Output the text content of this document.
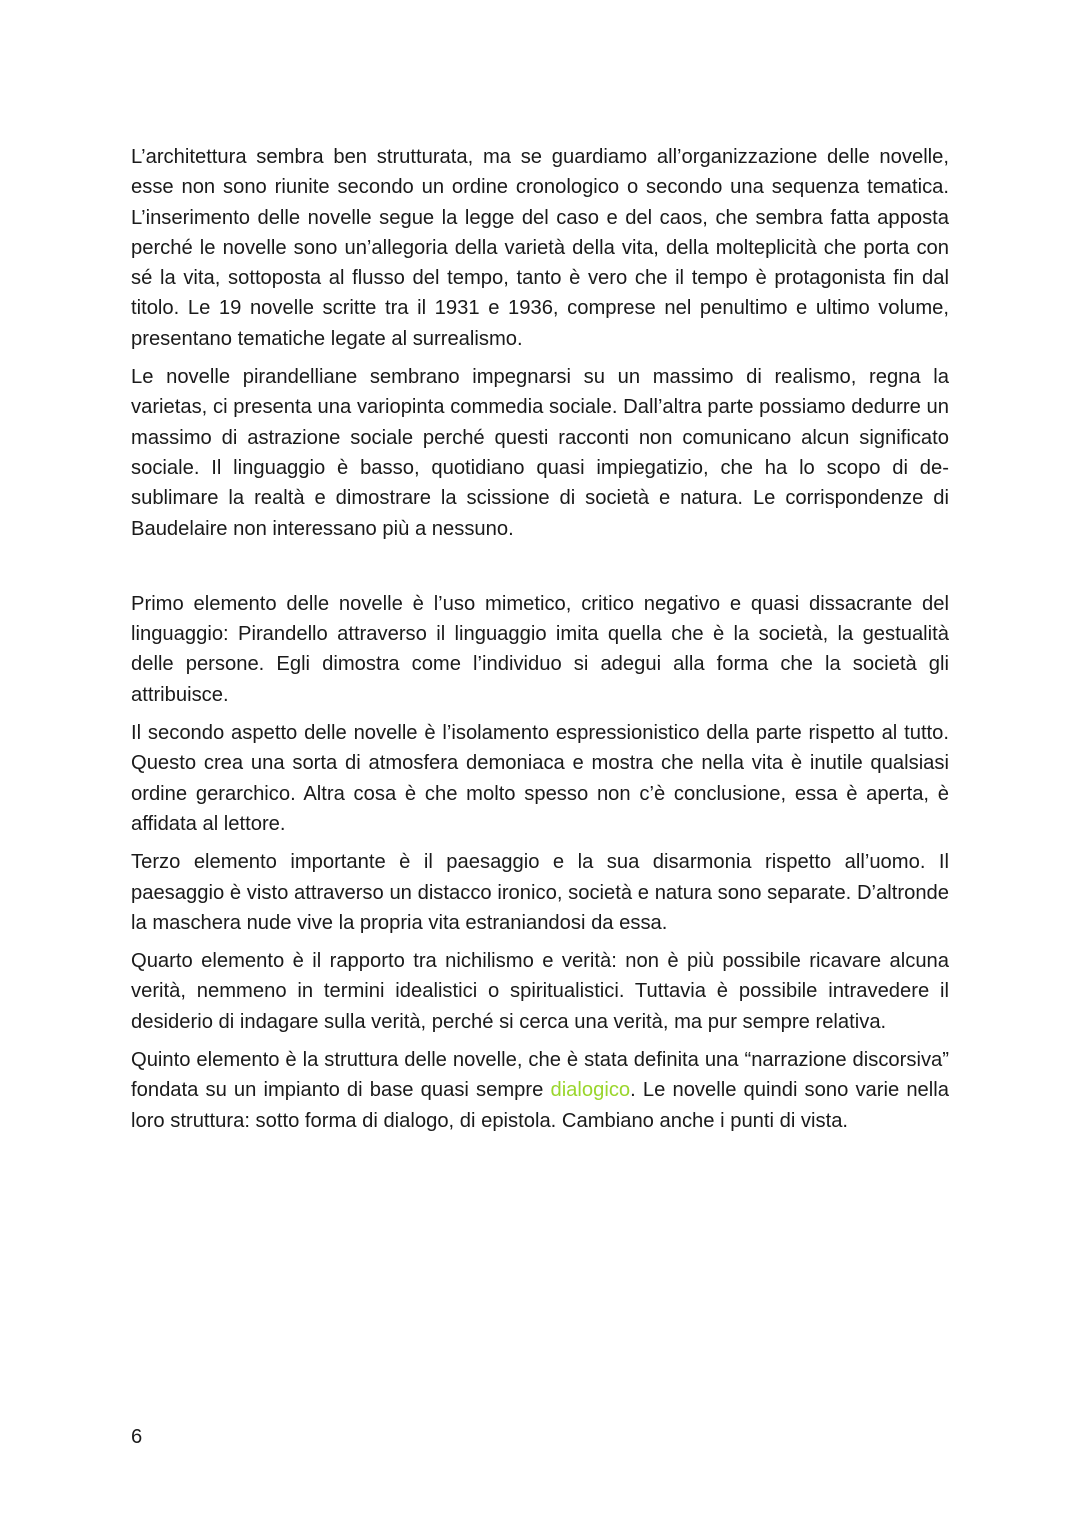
L’architettura sembra ben strutturata, ma se guardiamo all’organizzazione delle novelle, esse non sono riunite secondo un ordine cronologico o secondo una sequenza tematica. L’inserimento delle novelle segue la legge del caso e del caos, che sembra fatta apposta perché le novelle sono un’allegoria della varietà della vita, della molteplicità che porta con sé la vita, sottoposta al flusso del tempo, tanto è vero che il tempo è protagonista fin dal titolo. Le 19 novelle scritte tra il 1931 e 1936, comprese nel penultimo e ultimo volume, presentano tematiche legate al surrealismo.

Le novelle pirandelliane sembrano impegnarsi su un massimo di realismo, regna la varietas, ci presenta una variopinta commedia sociale. Dall’altra parte possiamo dedurre un massimo di astrazione sociale perché questi racconti non comunicano alcun significato sociale. Il linguaggio è basso, quotidiano quasi impiegatizio, che ha lo scopo di de-sublimare la realtà e dimostrare la scissione di società e natura. Le corrispondenze di Baudelaire non interessano più a nessuno.

Primo elemento delle novelle è l’uso mimetico, critico negativo e quasi dissacrante del linguaggio: Pirandello attraverso il linguaggio imita quella che è la società, la gestualità delle persone. Egli dimostra come l’individuo si adegui alla forma che la società gli attribuisce.

Il secondo aspetto delle novelle è l’isolamento espressionistico della parte rispetto al tutto. Questo crea una sorta di atmosfera demoniaca e mostra che nella vita è inutile qualsiasi ordine gerarchico. Altra cosa è che molto spesso non c’è conclusione, essa è aperta, è affidata al lettore.

Terzo elemento importante è il paesaggio e la sua disarmonia rispetto all’uomo. Il paesaggio è visto attraverso un distacco ironico, società e natura sono separate. D’altronde la maschera nude vive la propria vita estraniandosi da essa.

Quarto elemento è il rapporto tra nichilismo e verità: non è più possibile ricavare alcuna verità, nemmeno in termini idealistici o spiritualistici. Tuttavia è possibile intravedere il desiderio di indagare sulla verità, perché si cerca una verità, ma pur sempre relativa.

Quinto elemento è la struttura delle novelle, che è stata definita una “narrazione discorsiva” fondata su un impianto di base quasi sempre dialogico. Le novelle quindi sono varie nella loro struttura: sotto forma di dialogo, di epistola. Cambiano anche i punti di vista.

6
